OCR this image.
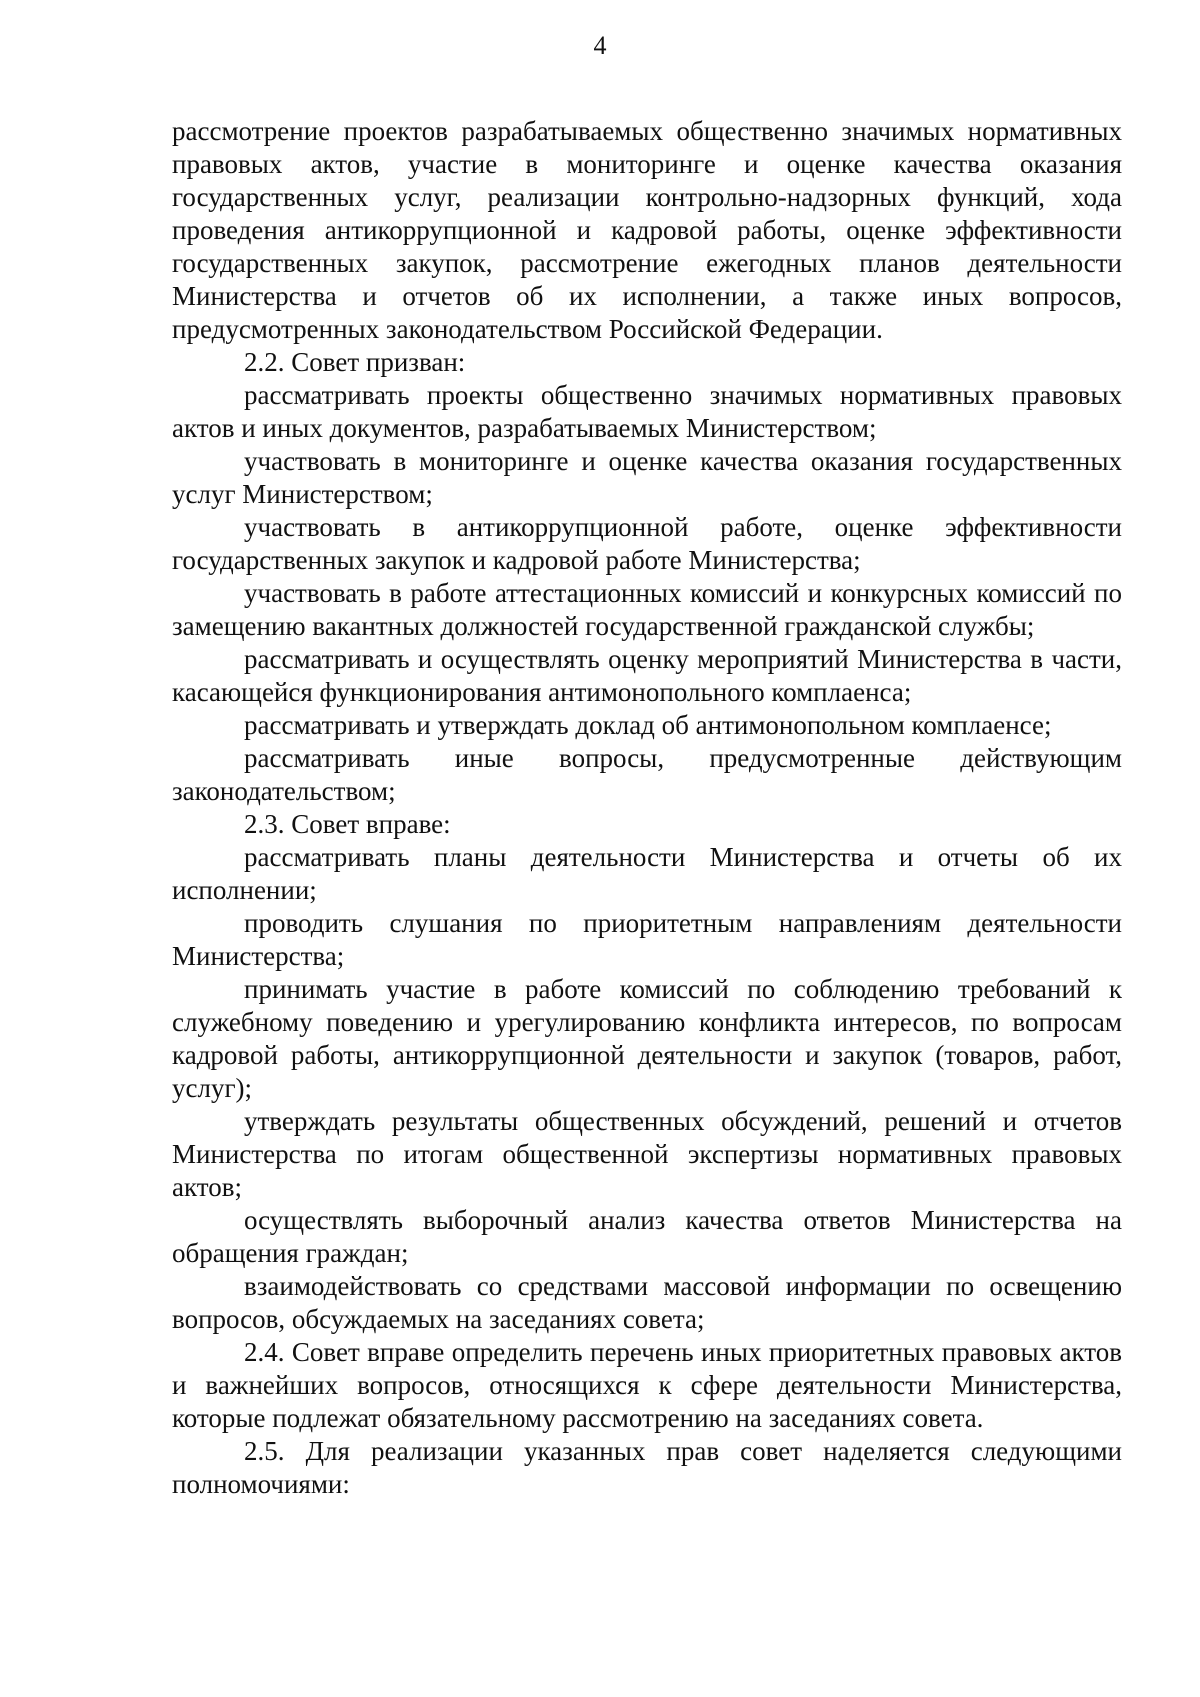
4

рассмотрение проектов разрабатываемых общественно значимых нормативных правовых актов, участие в мониторинге и оценке качества оказания государственных услуг, реализации контрольно-надзорных функций, хода проведения антикоррупционной и кадровой работы, оценке эффективности государственных закупок, рассмотрение ежегодных планов деятельности Министерства и отчетов об их исполнении, а также иных вопросов, предусмотренных законодательством Российской Федерации.

2.2. Совет призван:

рассматривать проекты общественно значимых нормативных правовых актов и иных документов, разрабатываемых Министерством;

участвовать в мониторинге и оценке качества оказания государственных услуг Министерством;

участвовать в антикоррупционной работе, оценке эффективности государственных закупок и кадровой работе Министерства;

участвовать в работе аттестационных комиссий и конкурсных комиссий по замещению вакантных должностей государственной гражданской службы;

рассматривать и осуществлять оценку мероприятий Министерства в части, касающейся функционирования антимонопольного комплаенса;

рассматривать и утверждать доклад об антимонопольном комплаенсе;

рассматривать иные вопросы, предусмотренные действующим законодательством;

2.3. Совет вправе:

рассматривать планы деятельности Министерства и отчеты об их исполнении;

проводить слушания по приоритетным направлениям деятельности Министерства;

принимать участие в работе комиссий по соблюдению требований к служебному поведению и урегулированию конфликта интересов, по вопросам кадровой работы, антикоррупционной деятельности и закупок (товаров, работ, услуг);

утверждать результаты общественных обсуждений, решений и отчетов Министерства по итогам общественной экспертизы нормативных правовых актов;

осуществлять выборочный анализ качества ответов Министерства на обращения граждан;

взаимодействовать со средствами массовой информации по освещению вопросов, обсуждаемых на заседаниях совета;

2.4. Совет вправе определить перечень иных приоритетных правовых актов и важнейших вопросов, относящихся к сфере деятельности Министерства, которые подлежат обязательному рассмотрению на заседаниях совета.

2.5. Для реализации указанных прав совет наделяется следующими полномочиями:
